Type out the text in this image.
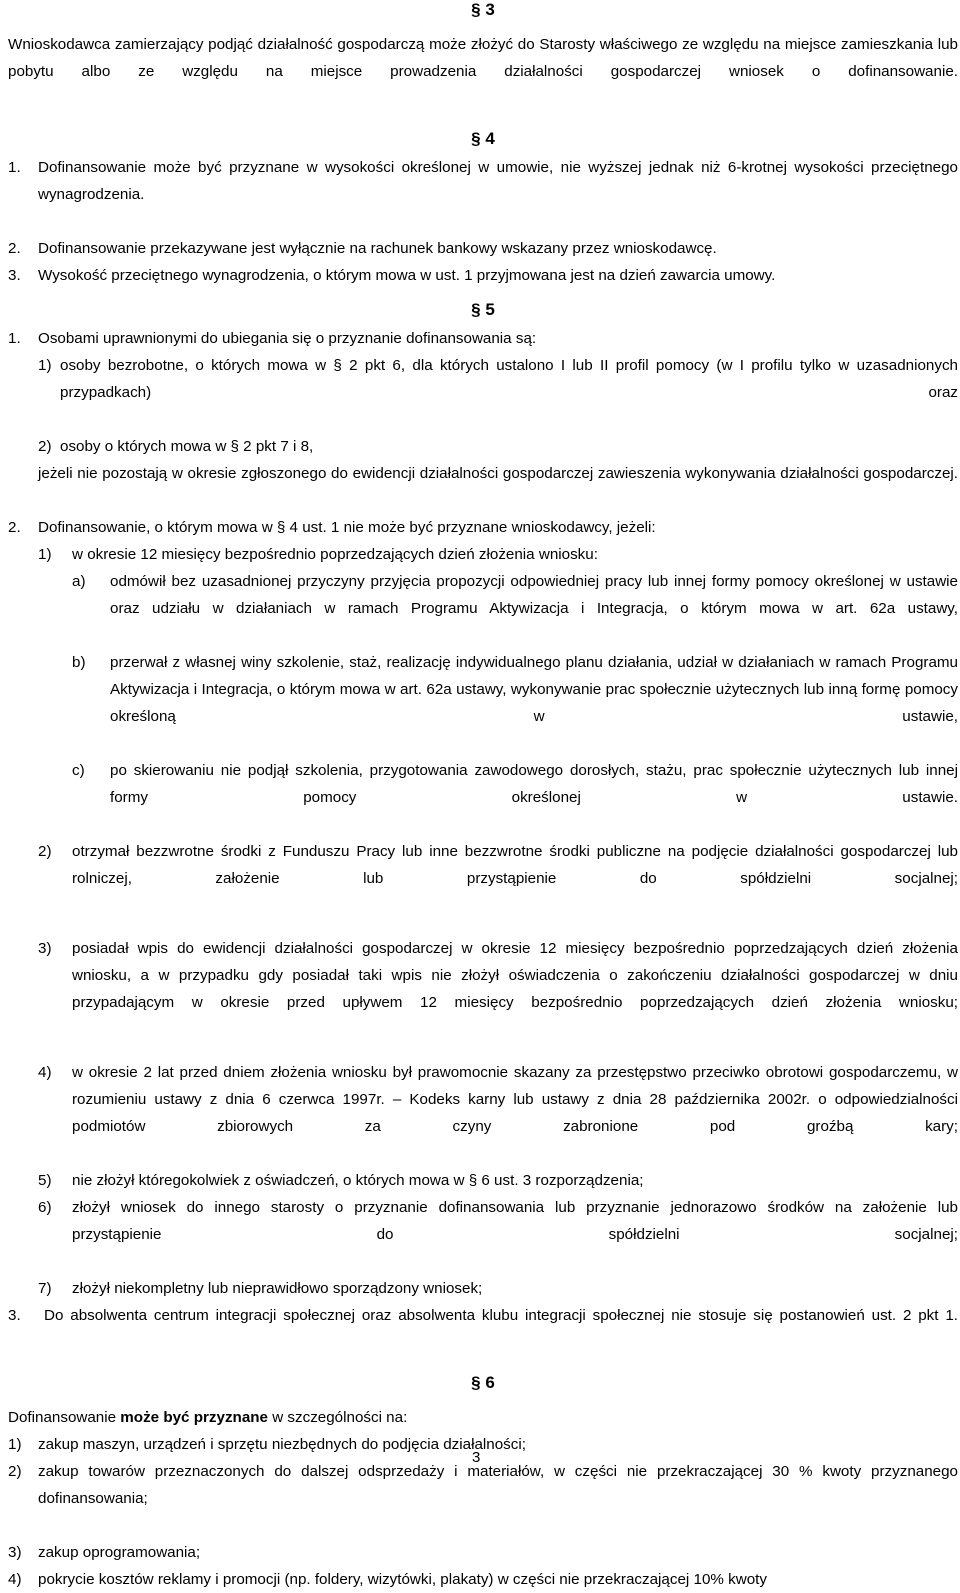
§ 3
Wnioskodawca zamierzający podjąć działalność gospodarczą może złożyć do Starosty właściwego ze względu na miejsce zamieszkania lub pobytu albo ze względu na miejsce prowadzenia działalności gospodarczej wniosek o dofinansowanie.
§ 4
1.	Dofinansowanie może być przyznane w wysokości określonej w umowie, nie wyższej jednak niż 6-krotnej wysokości przeciętnego wynagrodzenia.
2.	Dofinansowanie przekazywane jest wyłącznie na rachunek bankowy wskazany przez wnioskodawcę.
3.	Wysokość przeciętnego wynagrodzenia, o którym mowa w ust. 1 przyjmowana jest na dzień zawarcia umowy.
§ 5
1.	Osobami uprawnionymi do ubiegania się o przyznanie dofinansowania są:
1) osoby bezrobotne, o których mowa w § 2 pkt 6, dla których ustalono I lub II profil pomocy (w I profilu tylko w uzasadnionych przypadkach) oraz
2) osoby o których mowa w § 2 pkt 7 i 8,
jeżeli nie pozostają w okresie zgłoszonego do ewidencji działalności gospodarczej zawieszenia wykonywania działalności gospodarczej.
2.	Dofinansowanie, o którym mowa w § 4 ust. 1 nie może być przyznane wnioskodawcy, jeżeli:
1)	w okresie 12 miesięcy bezpośrednio poprzedzających dzień złożenia wniosku:
a)	odmówił bez uzasadnionej przyczyny przyjęcia propozycji odpowiedniej pracy lub innej formy pomocy określonej w ustawie oraz udziału w działaniach w ramach Programu Aktywizacja i Integracja, o którym mowa w art. 62a ustawy,
b)	przerwał z własnej winy szkolenie, staż, realizację indywidualnego planu działania, udział w działaniach w ramach Programu Aktywizacja i Integracja, o którym mowa w art. 62a ustawy, wykonywanie prac społecznie użytecznych lub inną formę pomocy określoną w ustawie,
c)	po skierowaniu nie podjął szkolenia, przygotowania zawodowego dorosłych, stażu, prac społecznie użytecznych lub innej formy pomocy określonej w ustawie.
2)	otrzymał bezzwrotne środki z Funduszu Pracy lub inne bezzwrotne środki publiczne na podjęcie działalności gospodarczej lub rolniczej, założenie lub przystąpienie do spółdzielni socjalnej;
3)	posiadał wpis do ewidencji działalności gospodarczej w okresie 12 miesięcy bezpośrednio poprzedzających dzień złożenia wniosku, a w przypadku gdy posiadał taki wpis nie złożył oświadczenia o zakończeniu działalności gospodarczej w dniu przypadającym w okresie przed upływem 12 miesięcy bezpośrednio poprzedzających dzień złożenia wniosku;
4)	w okresie 2 lat przed dniem złożenia wniosku był prawomocnie skazany za przestępstwo przeciwko obrotowi gospodarczemu, w rozumieniu ustawy z dnia 6 czerwca 1997r. – Kodeks karny lub ustawy z dnia 28 października 2002r. o odpowiedzialności podmiotów zbiorowych za czyny zabronione pod groźbą kary;
5)	nie złożył któregokolwiek z oświadczeń, o których mowa w § 6 ust. 3 rozporządzenia;
6)	złożył wniosek do innego starosty o przyznanie dofinansowania lub przyznanie jednorazowo środków na założenie lub przystąpienie do spółdzielni socjalnej;
7)	złożył niekompletny lub nieprawidłowo sporządzony wniosek;
3.	Do absolwenta centrum integracji społecznej oraz absolwenta klubu integracji społecznej nie stosuje się postanowień ust. 2 pkt 1.
§ 6
Dofinansowanie może być przyznane w szczególności na:
1)	zakup maszyn, urządzeń i sprzętu niezbędnych do podjęcia działalności;
2)	zakup towarów przeznaczonych do dalszej odsprzedaży i materiałów, w części nie przekraczającej 30 % kwoty przyznanego dofinansowania;
3)	zakup oprogramowania;
4)	pokrycie kosztów reklamy i promocji (np. foldery, wizytówki, plakaty) w części nie przekraczającej 10% kwoty
3
